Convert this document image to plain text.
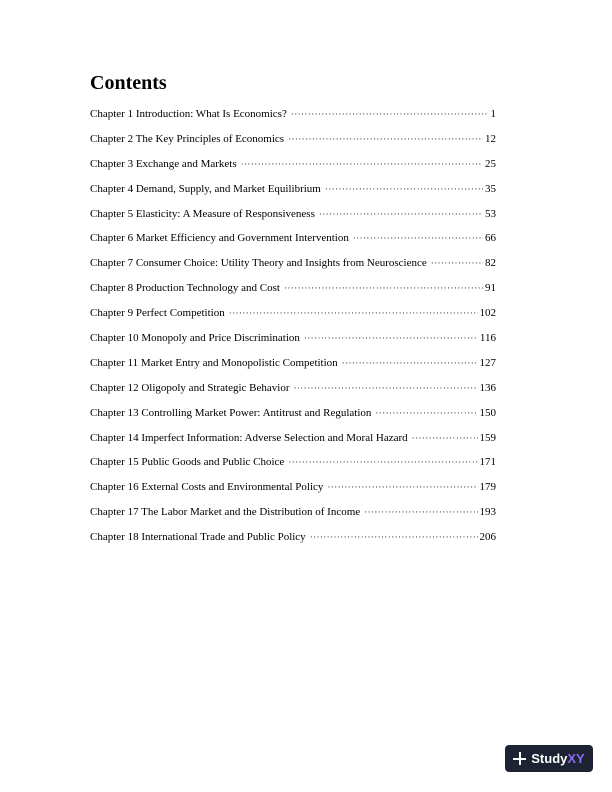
Contents
Chapter 1 Introduction: What Is Economics? ·····	1
Chapter 2 The Key Principles of Economics ·····	12
Chapter 3 Exchange and Markets ·····	25
Chapter 4 Demand, Supply, and Market Equilibrium ·····	35
Chapter 5 Elasticity: A Measure of Responsiveness ·····	53
Chapter 6 Market Efficiency and Government Intervention ·····	66
Chapter 7 Consumer Choice: Utility Theory and Insights from Neuroscience ·····	82
Chapter 8 Production Technology and Cost ·····	91
Chapter 9 Perfect Competition ·····	102
Chapter 10 Monopoly and Price Discrimination ·····	116
Chapter 11 Market Entry and Monopolistic Competition ·····	127
Chapter 12 Oligopoly and Strategic Behavior ·····	136
Chapter 13 Controlling Market Power: Antitrust and Regulation ·····	150
Chapter 14 Imperfect Information: Adverse Selection and Moral Hazard ·····	159
Chapter 15 Public Goods and Public Choice ·····	171
Chapter 16 External Costs and Environmental Policy ·····	179
Chapter 17 The Labor Market and the Distribution of Income ·····	193
Chapter 18 International Trade and Public Policy ·····	206
StudyXY
